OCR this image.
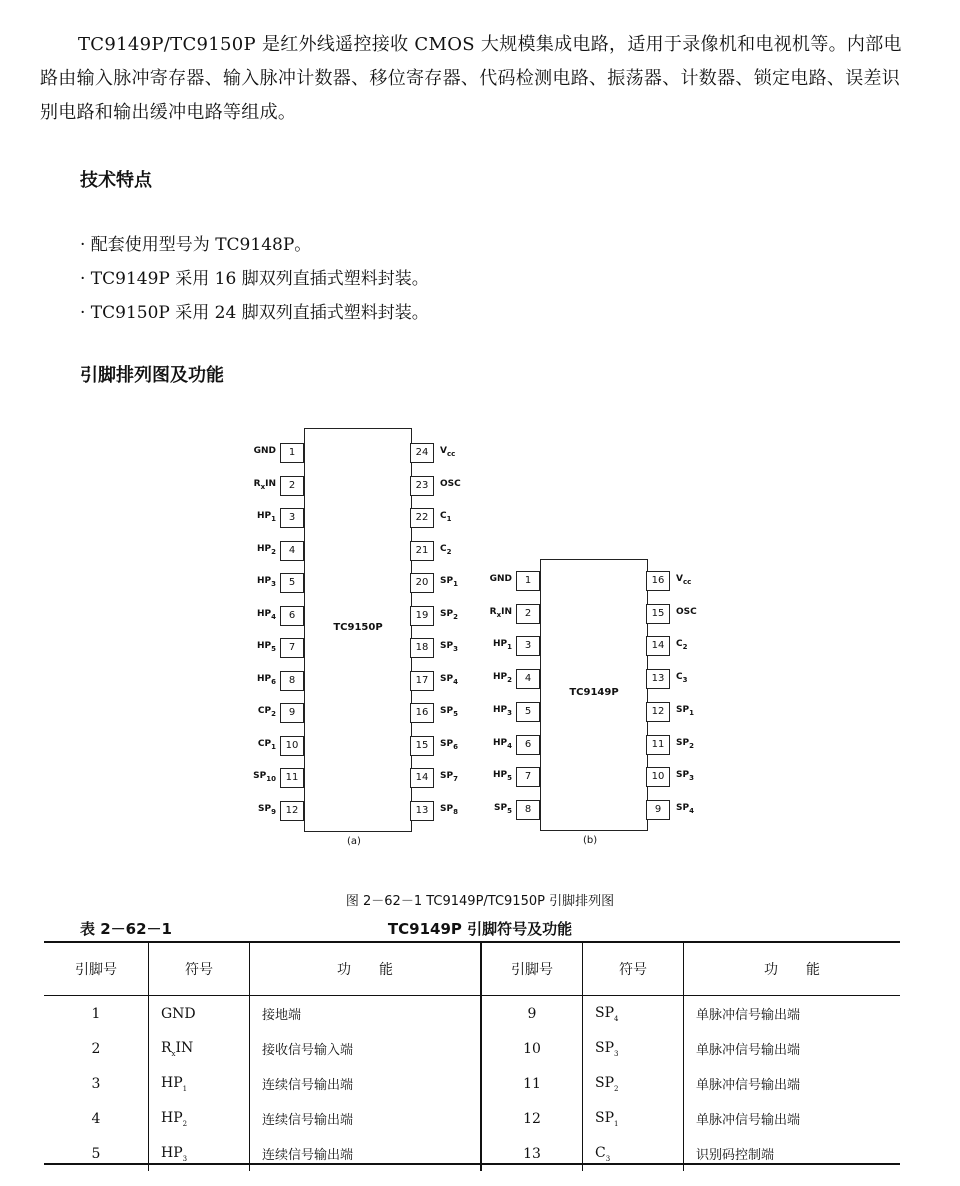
TC9149P/TC9150P 是红外线遥控接收 CMOS 大规模集成电路，适用于录像机和电视机等。内部电路由输入脉冲寄存器、输入脉冲计数器、移位寄存器、代码检测电路、振荡器、计数器、锁定电路、误差识别电路和输出缓冲电路等组成。
技术特点
· 配套使用型号为 TC9148P。
· TC9149P 采用 16 脚双列直插式塑料封装。
· TC9150P 采用 24 脚双列直插式塑料封装。
引脚排列图及功能
TC9150P
1
GND
2
$R_xIN$
3
$HP_1$
4
$HP_2$
5
$HP_3$
6
$HP_4$
7
$HP_5$
8
$HP_6$
9
$CP_2$
10
$CP_1$
11
$SP_{10}$
12
$SP_9$
24	$V_{cc}$
23	OSC
22	$C_1$
21	$C_2$
20	$SP_1$
19	$SP_2$
18	$SP_3$
17	$SP_4$
16	$SP_5$
15	$SP_6$
14	$SP_7$
13	$SP_8$
(a)
TC9149P
1
GND
2
$R_xIN$
3
$HP_1$
4
$HP_2$
5
$HP_3$
6
$HP_4$
7
$HP_5$
8
$SP_5$
16	$V_{cc}$
15	OSC
14	$C_2$
13	$C_3$
12	$SP_1$
11	$SP_2$
10	$SP_3$
9	$SP_4$
(b)
图 2－62－1 TC9149P/TC9150P 引脚排列图
表 2－62－1	TC9149P 引脚符号及功能
引脚号	符号	功　　能	引脚号	符号	功　　能
1	GND	接地端	9	$SP_4$	单脉冲信号输出端
2	$R_xIN$	接收信号输入端	10	$SP_3$	单脉冲信号输出端
3	$HP_1$	连续信号输出端	11	$SP_2$	单脉冲信号输出端
4	$HP_2$	连续信号输出端	12	$SP_1$	单脉冲信号输出端
5	$HP_3$	连续信号输出端	13	$C_3$	识别码控制端
